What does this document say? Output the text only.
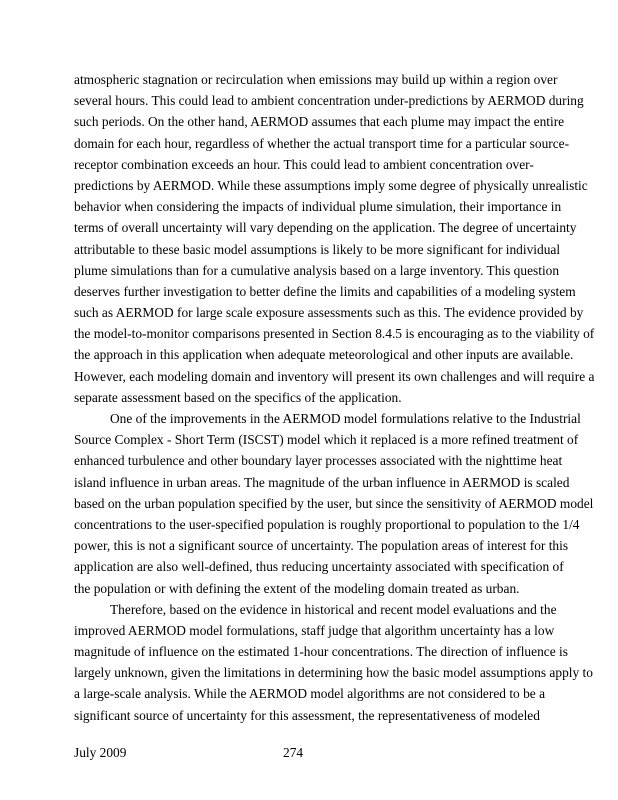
atmospheric stagnation or recirculation when emissions may build up within a region over
several hours. This could lead to ambient concentration under-predictions by AERMOD during
such periods. On the other hand, AERMOD assumes that each plume may impact the entire
domain for each hour, regardless of whether the actual transport time for a particular source-
receptor combination exceeds an hour. This could lead to ambient concentration over-
predictions by AERMOD. While these assumptions imply some degree of physically unrealistic
behavior when considering the impacts of individual plume simulation, their importance in
terms of overall uncertainty will vary depending on the application. The degree of uncertainty
attributable to these basic model assumptions is likely to be more significant for individual
plume simulations than for a cumulative analysis based on a large inventory. This question
deserves further investigation to better define the limits and capabilities of a modeling system
such as AERMOD for large scale exposure assessments such as this. The evidence provided by
the model-to-monitor comparisons presented in Section 8.4.5 is encouraging as to the viability of
the approach in this application when adequate meteorological and other inputs are available.
However, each modeling domain and inventory will present its own challenges and will require a
separate assessment based on the specifics of the application.
One of the improvements in the AERMOD model formulations relative to the Industrial
Source Complex - Short Term (ISCST) model which it replaced is a more refined treatment of
enhanced turbulence and other boundary layer processes associated with the nighttime heat
island influence in urban areas. The magnitude of the urban influence in AERMOD is scaled
based on the urban population specified by the user, but since the sensitivity of AERMOD model
concentrations to the user-specified population is roughly proportional to population to the 1/4
power, this is not a significant source of uncertainty. The population areas of interest for this
application are also well-defined, thus reducing uncertainty associated with specification of
the population or with defining the extent of the modeling domain treated as urban.
Therefore, based on the evidence in historical and recent model evaluations and the
improved AERMOD model formulations, staff judge that algorithm uncertainty has a low
magnitude of influence on the estimated 1-hour concentrations. The direction of influence is
largely unknown, given the limitations in determining how the basic model assumptions apply to
a large-scale analysis. While the AERMOD model algorithms are not considered to be a
significant source of uncertainty for this assessment, the representativeness of modeled
July 2009	274
